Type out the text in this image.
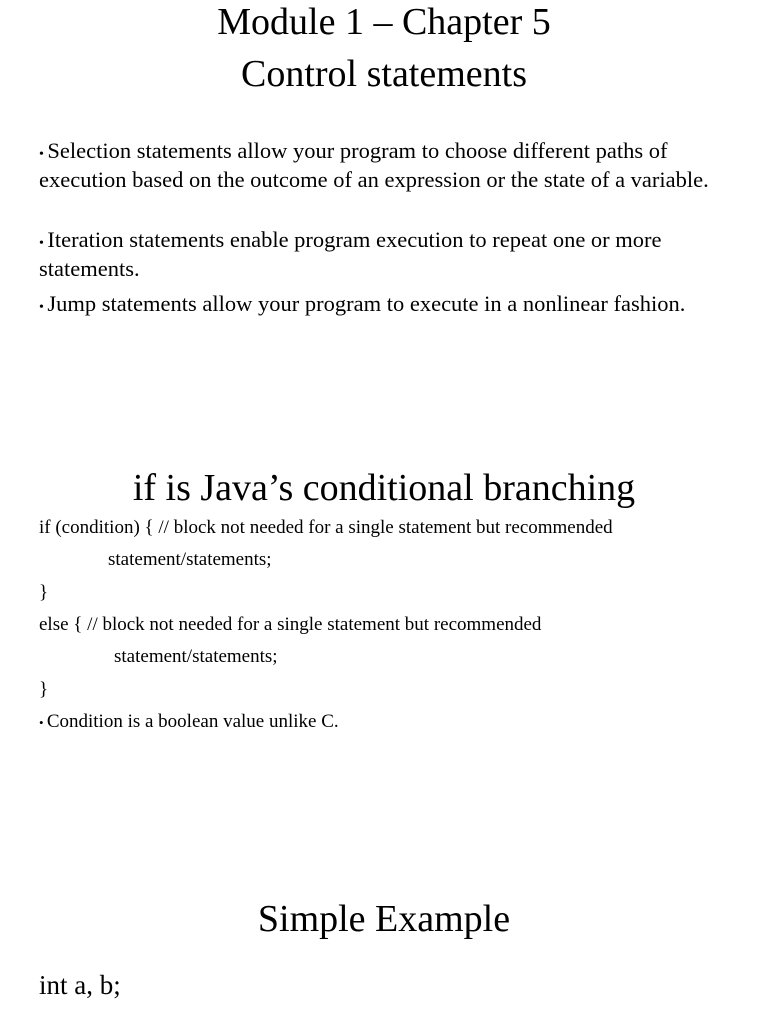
Module 1 – Chapter 5
Control statements
• Selection statements allow your program to choose different paths of execution based on the outcome of an expression or the state of a variable.
• Iteration statements enable program execution to repeat one or more statements.
• Jump statements allow your program to execute in a nonlinear fashion.
if is Java’s conditional branching
if (condition) { // block not needed for a single statement but recommended
statement/statements;
}
else { // block not needed for a single statement but recommended
statement/statements;
}
• Condition is a boolean value unlike C.
Simple Example
int a, b;
